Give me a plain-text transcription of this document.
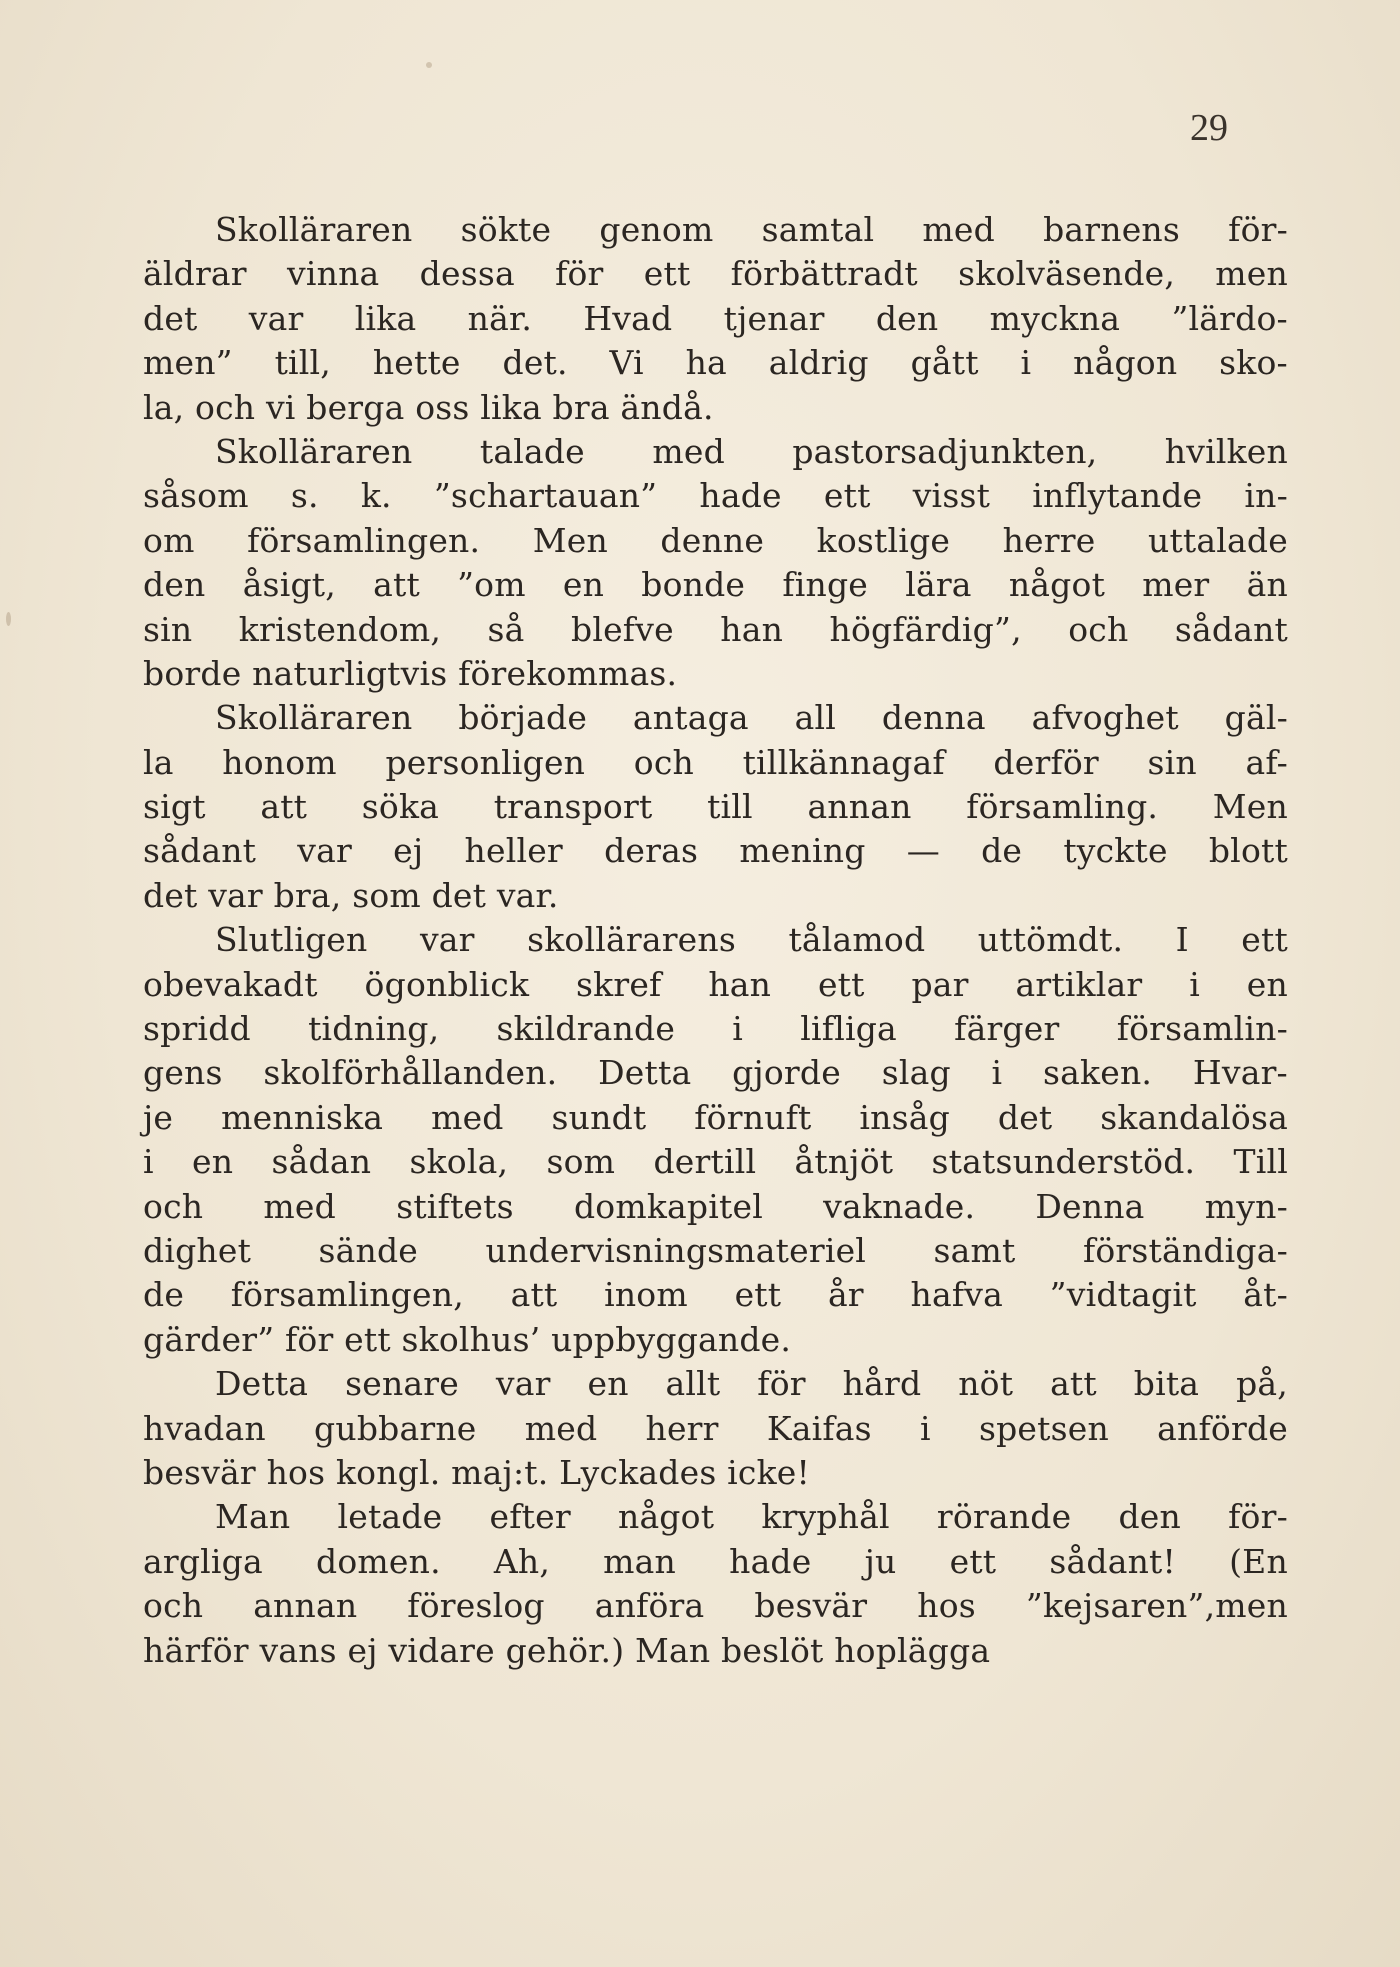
29
Skolläraren sökte genom samtal med barnens för-
äldrar vinna dessa för ett förbättradt skolväsende, men
det var lika när. Hvad tjenar den myckna ”lärdo-
men” till, hette det. Vi ha aldrig gått i någon sko-
la,
och
vi
berga
oss
lika
bra
ändå.
Skolläraren talade med pastorsadjunkten, hvilken
såsom s. k. ”schartauan” hade ett visst inflytande in-
om församlingen. Men denne kostlige herre uttalade
den åsigt, att ”om en bonde finge lära något mer än
sin kristendom, så blefve han högfärdig”, och sådant
borde
naturligtvis
förekommas.
Skolläraren började antaga all denna afvoghet gäl-
la honom personligen och tillkännagaf derför sin af-
sigt att söka transport till annan församling. Men
sådant var ej heller deras mening — de tyckte blott
det
var
bra,
som
det
var.
Slutligen var skollärarens tålamod uttömdt. I ett
obevakadt ögonblick skref han ett par artiklar i en
spridd tidning, skildrande i lifliga färger församlin-
gens skolförhållanden. Detta gjorde slag i saken. Hvar-
je menniska med sundt förnuft insåg det skandalösa
i en sådan skola, som dertill åtnjöt statsunderstöd. Till
och med stiftets domkapitel vaknade. Denna myn-
dighet sände undervisningsmateriel samt förständiga-
de församlingen, att inom ett år hafva ”vidtagit åt-
gärder”
för
ett
skolhus’
uppbyggande.
Detta senare var en allt för hård nöt att bita på,
hvadan gubbarne med herr Kaifas i spetsen anförde
besvär
hos
kongl.
maj:t.
Lyckades
icke!
Man letade efter något kryphål rörande den för-
argliga domen. Ah, man hade ju ett sådant! (En
och annan föreslog anföra besvär hos ”kejsaren”,men
härför
vans
ej
vidare
gehör.)
Man
beslöt
hoplägga
